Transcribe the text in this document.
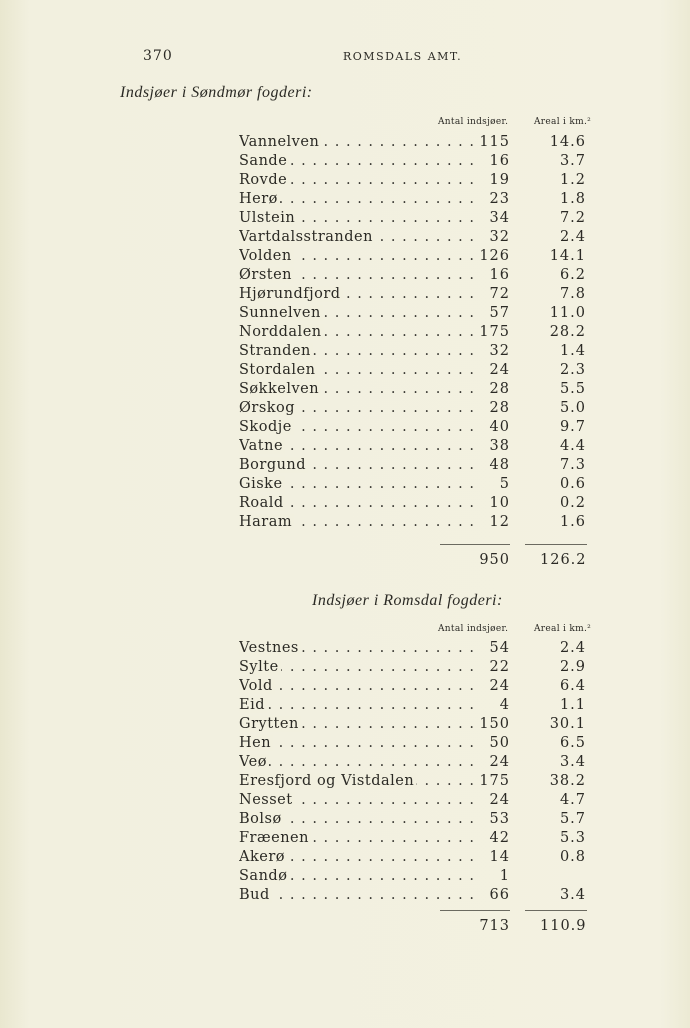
370	ROMSDALS AMT.
Indsjøer i Søndmør fogderi:
Antal indsjøer.	Areal i km.²
Vannelven . . .	115	14.6
Sande . . .	16	3.7
Rovde . . .	19	1.2
Herø . . .	23	1.8
Ulstein . . .	34	7.2
Vartdalsstranden . . .	32	2.4
Volden . . .	126	14.1
Ørsten . . .	16	6.2
Hjørundfjord . . .	72	7.8
Sunnelven . . .	57	11.0
Norddalen . . .	175	28.2
Stranden . . .	32	1.4
Stordalen . . .	24	2.3
Søkkelven . . .	28	5.5
Ørskog . . .	28	5.0
Skodje . . .	40	9.7
Vatne . . .	38	4.4
Borgund . . .	48	7.3
Giske . . .	5	0.6
Roald . . .	10	0.2
Haram . . .	12	1.6
950 126.2
Indsjøer i Romsdal fogderi:
Antal indsjøer.	Areal i km.²
Vestnes . . .	54	2.4
Sylte . . .	22	2.9
Vold . . .	24	6.4
Eid . . .	4	1.1
Grytten . . .	150	30.1
Hen . . .	50	6.5
Veø . . .	24	3.4
Eresfjord og Vistdalen . . .	175	38.2
Nesset . . .	24	4.7
Bolsø . . .	53	5.7
Fræenen . . .	42	5.3
Akerø . . .	14	0.8
Sandø . . .	1
Bud . . .	66	3.4
713 110.9
